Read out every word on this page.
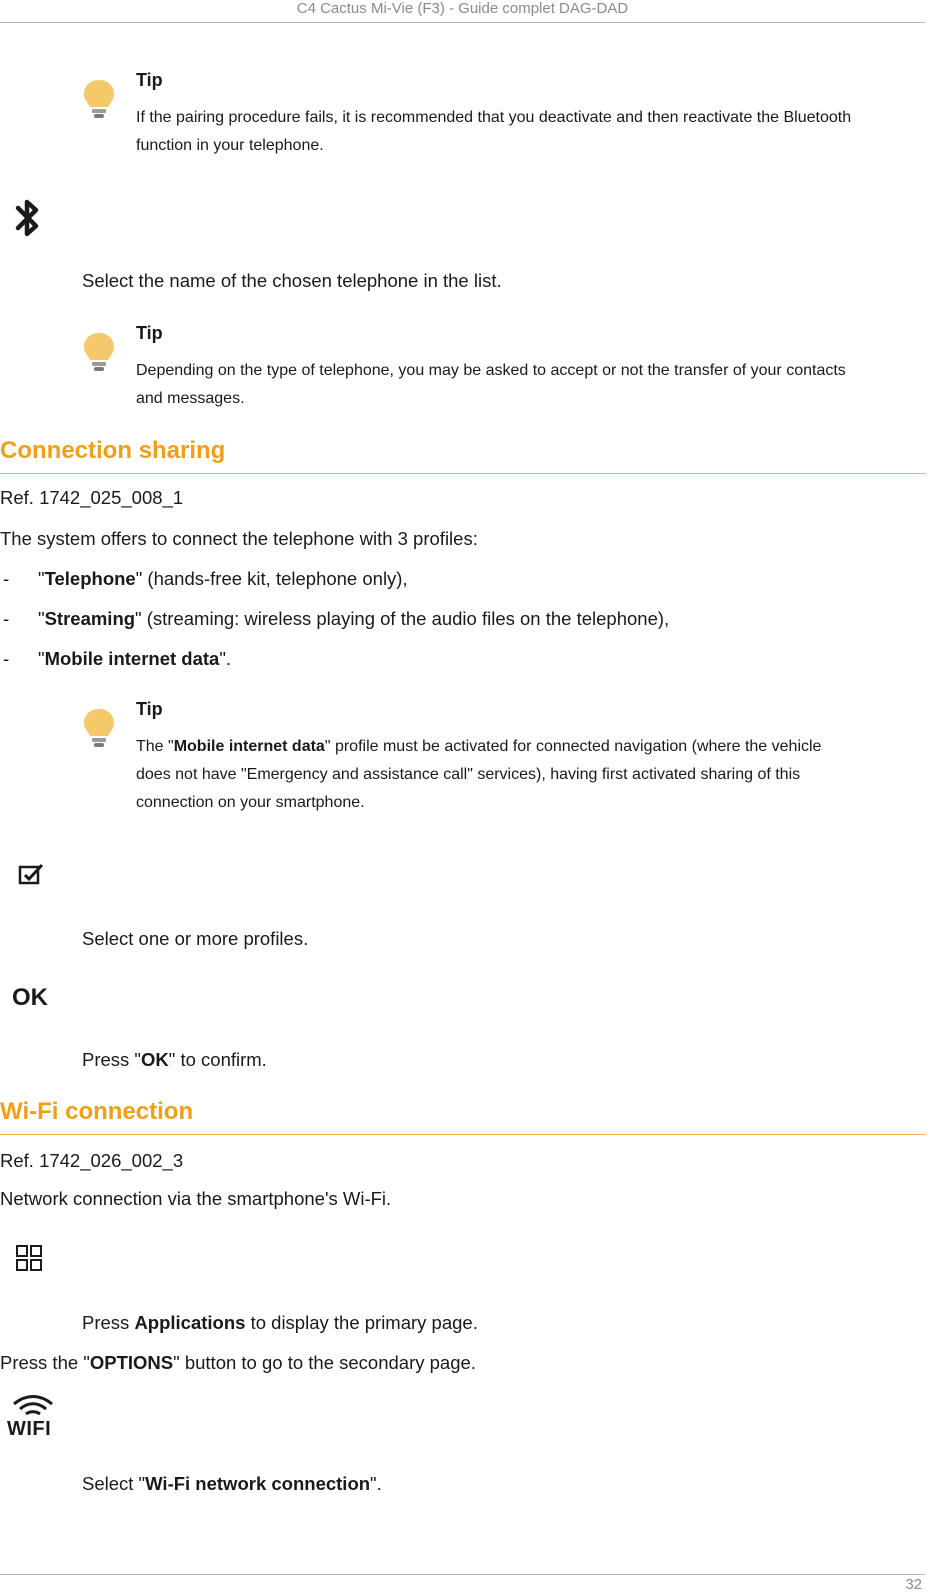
C4 Cactus Mi-Vie (F3) - Guide complet DAG-DAD
Tip
If the pairing procedure fails, it is recommended that you deactivate and then reactivate the Bluetooth function in your telephone.
Select the name of the chosen telephone in the list.
Tip
Depending on the type of telephone, you may be asked to accept or not the transfer of your contacts and messages.
Connection sharing
Ref. 1742_025_008_1
The system offers to connect the telephone with 3 profiles:
- "Telephone" (hands-free kit, telephone only),
- "Streaming" (streaming: wireless playing of the audio files on the telephone),
- "Mobile internet data".
Tip
The "Mobile internet data" profile must be activated for connected navigation (where the vehicle does not have "Emergency and assistance call" services), having first activated sharing of this connection on your smartphone.
Select one or more profiles.
OK
Press "OK" to confirm.
Wi-Fi connection
Ref. 1742_026_002_3
Network connection via the smartphone's Wi-Fi.
Press Applications to display the primary page.
Press the "OPTIONS" button to go to the secondary page.
WIFI
Select "Wi-Fi network connection".
32
